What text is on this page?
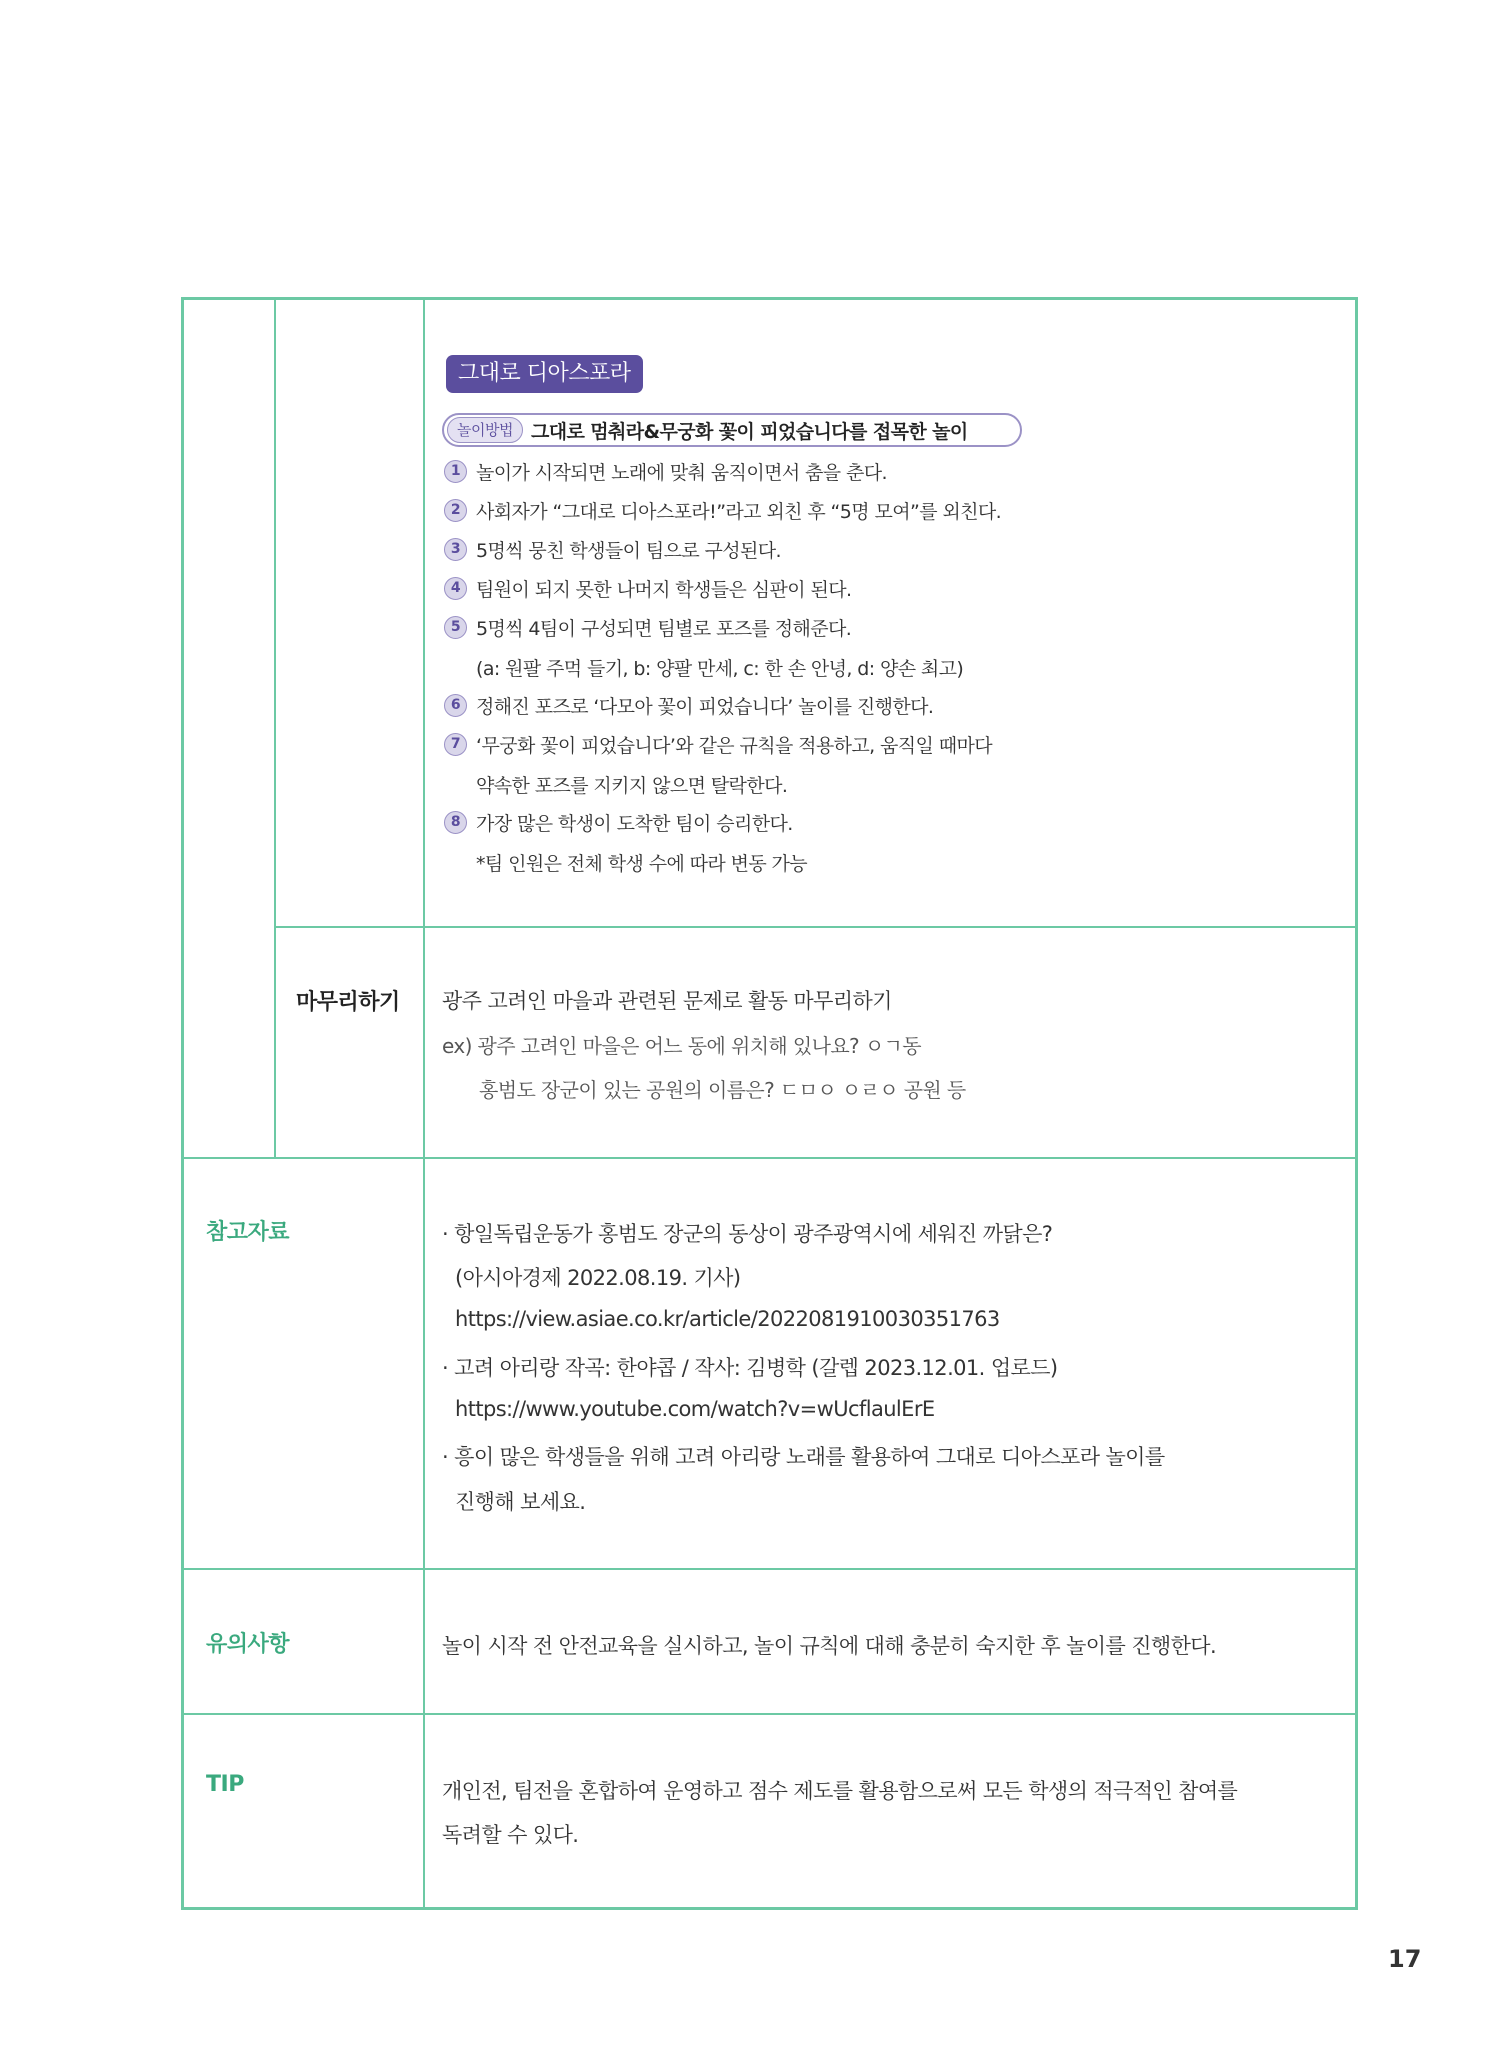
그대로 디아스포라
놀이방법 그대로 멈춰라&무궁화 꽃이 피었습니다를 접목한 놀이
1 놀이가 시작되면 노래에 맞춰 움직이면서 춤을 춘다.
2 사회자가 “그대로 디아스포라!”라고 외친 후 “5명 모여”를 외친다.
3 5명씩 뭉친 학생들이 팀으로 구성된다.
4 팀원이 되지 못한 나머지 학생들은 심판이 된다.
5 5명씩 4팀이 구성되면 팀별로 포즈를 정해준다.
(a: 원팔 주먹 들기, b: 양팔 만세, c: 한 손 안녕, d: 양손 최고)
6 정해진 포즈로 ‘다모아 꽃이 피었습니다’ 놀이를 진행한다.
7 ‘무궁화 꽃이 피었습니다’와 같은 규칙을 적용하고, 움직일 때마다
약속한 포즈를 지키지 않으면 탈락한다.
8 가장 많은 학생이 도착한 팀이 승리한다.
*팀 인원은 전체 학생 수에 따라 변동 가능
마무리하기 광주 고려인 마을과 관련된 문제로 활동 마무리하기
ex) 광주 고려인 마을은 어느 동에 위치해 있나요? ㅇㄱ동
홍범도 장군이 있는 공원의 이름은? ㄷㅁㅇ ㅇㄹㅇ 공원 등
참고자료	· 항일독립운동가 홍범도 장군의 동상이 광주광역시에 세워진 까닭은?
(아시아경제 2022.08.19. 기사)
https://view.asiae.co.kr/article/2022081910030351763
· 고려 아리랑 작곡: 한야콥 / 작사: 김병학 (갈렙 2023.12.01. 업로드)
https://www.youtube.com/watch?v=wUcflaulErE
· 흥이 많은 학생들을 위해 고려 아리랑 노래를 활용하여 그대로 디아스포라 놀이를
진행해 보세요.
유의사항	놀이 시작 전 안전교육을 실시하고, 놀이 규칙에 대해 충분히 숙지한 후 놀이를 진행한다.
TIP	개인전, 팀전을 혼합하여 운영하고 점수 제도를 활용함으로써 모든 학생의 적극적인 참여를
독려할 수 있다.
17
